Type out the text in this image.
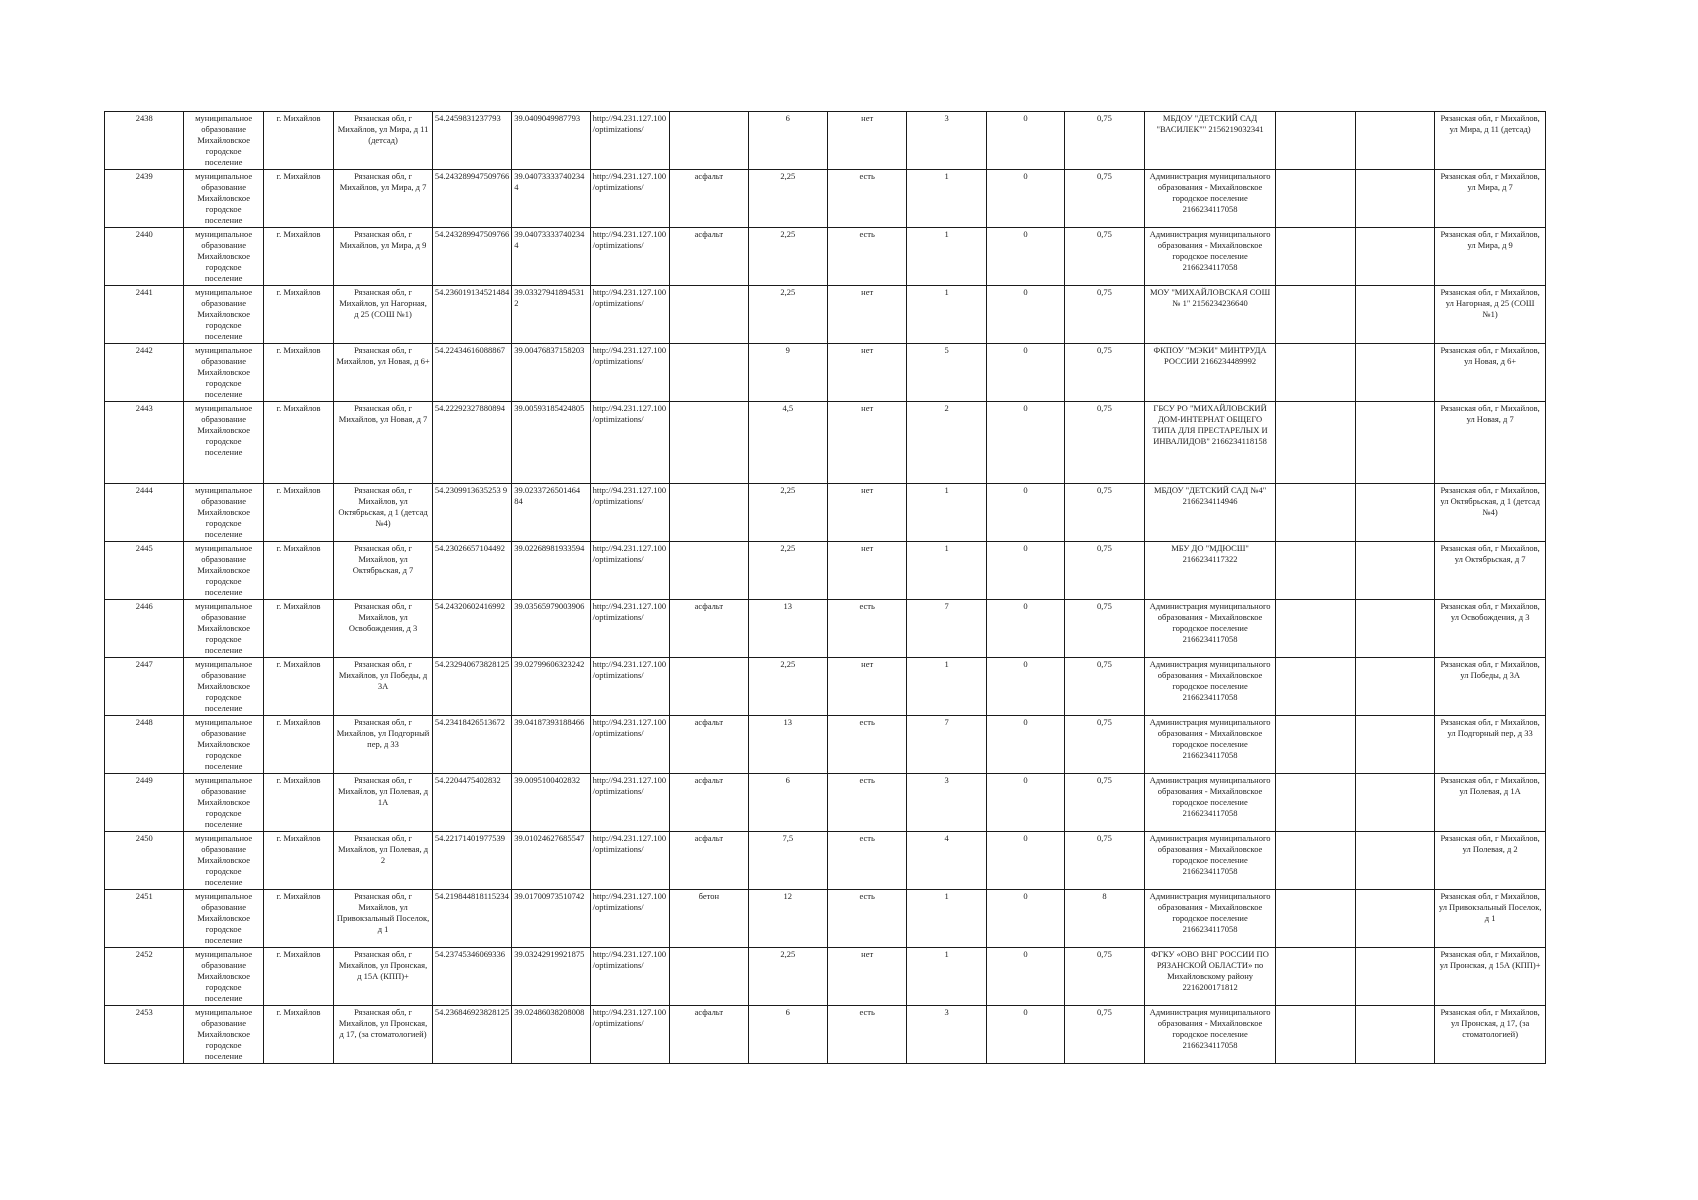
2438	муниципальное образование Михайловское городское поселение	г. Михайлов	Рязанская обл, г Михайлов, ул Мира, д 11 (детсад)	54.2459831237793	39.0409049987793	http://94.231.127.100/optimizations/		6	нет	3	0	0,75	МБДОУ "ДЕТСКИЙ САД "ВАСИЛЕК"" 2156219032341			Рязанская обл, г Михайлов, ул Мира, д 11 (детсад)
2439	муниципальное образование Михайловское городское поселение	г. Михайлов	Рязанская обл, г Михайлов, ул Мира, д 7	54.243289947509766	39.040733337402344	http://94.231.127.100/optimizations/	асфальт	2,25	есть	1	0	0,75	Администрация муниципального образования - Михайловское городское поселение 2166234117058			Рязанская обл, г Михайлов, ул Мира, д 7
2440	муниципальное образование Михайловское городское поселение	г. Михайлов	Рязанская обл, г Михайлов, ул Мира, д 9	54.243289947509766	39.040733337402344	http://94.231.127.100/optimizations/	асфальт	2,25	есть	1	0	0,75	Администрация муниципального образования - Михайловское городское поселение 2166234117058			Рязанская обл, г Михайлов, ул Мира, д 9
2441	муниципальное образование Михайловское городское поселение	г. Михайлов	Рязанская обл, г Михайлов, ул Нагорная, д 25 (СОШ №1)	54.236019134521484	39.033279418945312	http://94.231.127.100/optimizations/		2,25	нет	1	0	0,75	МОУ "МИХАЙЛОВСКАЯ СОШ № 1" 2156234236640			Рязанская обл, г Михайлов, ул Нагорная, д 25 (СОШ №1)
2442	муниципальное образование Михайловское городское поселение	г. Михайлов	Рязанская обл, г Михайлов, ул Новая, д 6+	54.22434616088867	39.00476837158203	http://94.231.127.100/optimizations/		9	нет	5	0	0,75	ФКПОУ "МЭКИ" МИНТРУДА РОССИИ 2166234489992			Рязанская обл, г Михайлов, ул Новая, д 6+
2443	муниципальное образование Михайловское городское поселение	г. Михайлов	Рязанская обл, г Михайлов, ул Новая, д 7	54.22292327880894	39.00593185424805	http://94.231.127.100/optimizations/		4,5	нет	2	0	0,75	ГБСУ РО "МИХАЙЛОВСКИЙ ДОМ-ИНТЕРНАТ ОБЩЕГО ТИПА ДЛЯ ПРЕСТАРЕЛЫХ И ИНВАЛИДОВ" 2166234118158			Рязанская обл, г Михайлов, ул Новая, д 7
2444	муниципальное образование Михайловское городское поселение	г. Михайлов	Рязанская обл, г Михайлов, ул Октябрьская, д 1 (детсад №4)	54.2309913635253 9	39.0233726501464 84	http://94.231.127.100/optimizations/		2,25	нет	1	0	0,75	МБДОУ "ДЕТСКИЙ САД №4" 2166234114946			Рязанская обл, г Михайлов, ул Октябрьская, д 1 (детсад №4)
2445	муниципальное образование Михайловское городское поселение	г. Михайлов	Рязанская обл, г Михайлов, ул Октябрьская, д 7	54.23026657104492	39.02268981933594	http://94.231.127.100/optimizations/		2,25	нет	1	0	0,75	МБУ ДО "МДЮСШ" 2166234117322			Рязанская обл, г Михайлов, ул Октябрьская, д 7
2446	муниципальное образование Михайловское городское поселение	г. Михайлов	Рязанская обл, г Михайлов, ул Освобождения, д 3	54.24320602416992	39.03565979003906	http://94.231.127.100/optimizations/	асфальт	13	есть	7	0	0,75	Администрация муниципального образования - Михайловское городское поселение 2166234117058			Рязанская обл, г Михайлов, ул Освобождения, д 3
2447	муниципальное образование Михайловское городское поселение	г. Михайлов	Рязанская обл, г Михайлов, ул Победы, д 3А	54.232940673828125	39.02799606323242	http://94.231.127.100/optimizations/		2,25	нет	1	0	0,75	Администрация муниципального образования - Михайловское городское поселение 2166234117058			Рязанская обл, г Михайлов, ул Победы, д 3А
2448	муниципальное образование Михайловское городское поселение	г. Михайлов	Рязанская обл, г Михайлов, ул Подгорный пер, д 33	54.23418426513672	39.04187393188466	http://94.231.127.100/optimizations/	асфальт	13	есть	7	0	0,75	Администрация муниципального образования - Михайловское городское поселение 2166234117058			Рязанская обл, г Михайлов, ул Подгорный пер, д 33
2449	муниципальное образование Михайловское городское поселение	г. Михайлов	Рязанская обл, г Михайлов, ул Полевая, д 1А	54.2204475402832	39.0095100402832	http://94.231.127.100/optimizations/	асфальт	6	есть	3	0	0,75	Администрация муниципального образования - Михайловское городское поселение 2166234117058			Рязанская обл, г Михайлов, ул Полевая, д 1А
2450	муниципальное образование Михайловское городское поселение	г. Михайлов	Рязанская обл, г Михайлов, ул Полевая, д 2	54.22171401977539	39.01024627685547	http://94.231.127.100/optimizations/	асфальт	7,5	есть	4	0	0,75	Администрация муниципального образования - Михайловское городское поселение 2166234117058			Рязанская обл, г Михайлов, ул Полевая, д 2
2451	муниципальное образование Михайловское городское поселение	г. Михайлов	Рязанская обл, г Михайлов, ул Привокзальный Поселок, д 1	54.219844818115234	39.01700973510742	http://94.231.127.100/optimizations/	бетон	12	есть	1	0	8	Администрация муниципального образования - Михайловское городское поселение 2166234117058			Рязанская обл, г Михайлов, ул Привокзальный Поселок, д 1
2452	муниципальное образование Михайловское городское поселение	г. Михайлов	Рязанская обл, г Михайлов, ул Пронская, д 15А (КПП)+	54.23745346069336	39.03242919921875	http://94.231.127.100/optimizations/		2,25	нет	1	0	0,75	ФГКУ «ОВО ВНГ РОССИИ ПО РЯЗАНСКОЙ ОБЛАСТИ» по Михайловскому району 2216200171812			Рязанская обл, г Михайлов, ул Пронская, д 15А (КПП)+
2453	муниципальное образование Михайловское городское поселение	г. Михайлов	Рязанская обл, г Михайлов, ул Пронская, д 17, (за стоматологией)	54.236846923828125	39.02486038208008	http://94.231.127.100/optimizations/	асфальт	6	есть	3	0	0,75	Администрация муниципального образования - Михайловское городское поселение 2166234117058			Рязанская обл, г Михайлов, ул Пронская, д 17, (за стоматологией)
